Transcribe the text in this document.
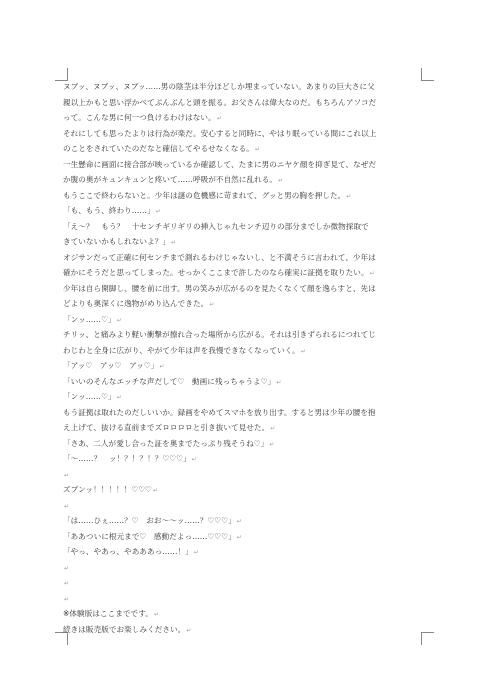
ヌブッ、ヌブッ、ヌブッ……男の陰茎は半分ほどしか埋まっていない。あまりの巨大さに父
親以上かもと思い浮かべてぶんぶんと頭を振る。お父さんは偉大なのだ。もちろんアソコだ
って。こんな男に何一つ負けるわけはない。↵
それにしても思ったよりは行為が楽だ。安心すると同時に、やはり眠っている間にこれ以上
のことをされていたのだなと確信してやるせなくなる。↵
一生懸命に画面に接合部が映っているか確認して、たまに男のニヤケ顔を抑ぎ見て、なぜだ
か腹の奥がキュンキュンと疼いて……呼吸が不自然に乱れる。↵
もうここで終わらないと。少年は謎の危機感に苛まれて、グッと男の胸を押した。↵
「も、もう、終わり……」↵
「え～？　もう？　十センチギリギリの挿入じゃ九センチ辺りの部分までしか微物採取で
きていないかもしれないよ？」↵
オジサンだって正確に何センチまで測れるわけじゃないし、と不満そうに言われて、少年は
確かにそうだと思ってしまった。せっかくここまで許したのなら確実に証拠を取りたい。↵
少年は自ら開脚し、腰を前に出す。男の笑みが広がるのを見たくなくて顔を逸らすと、先は
どよりも奥深くに逸物がめり込んできた。↵
「ンッ……♡」↵
チリッ、と痛みより軽い衝撃が擦れ合った場所から広がる。それは引きずられるにつれてじ
わじわと全身に広がり、やがて少年は声を我慢できなくなっていく。↵
「アッ♡　アッ♡　アッ♡」↵
「いいのそんなエッチな声だして♡　動画に残っちゃうよ♡」↵
「ンッ……♡」↵
もう証拠は取れたのだしいいか。録画をやめてスマホを放り出す。すると男は少年の腰を抱
え上げて、抜ける直前までズロロロロと引き抜いて見せた。↵
「さあ、二人が愛し合った証を奥までたっぷり残そうね♡」↵
「～……？　ッ！？！？！？♡♡♡」↵
↵
ズブンッ！！！！！♡♡♡↵
↵
「は……ひぇ……？♡　おお～～ッ……？♡♡♡」↵
「ああついに根元まで♡　感動だよっ……♡♡♡」↵
「やっ、やあっ、やあああっ……！」↵
↵
↵
↵
※体験版はここまでです。↵
続きは販売版でお楽しみください。↵
